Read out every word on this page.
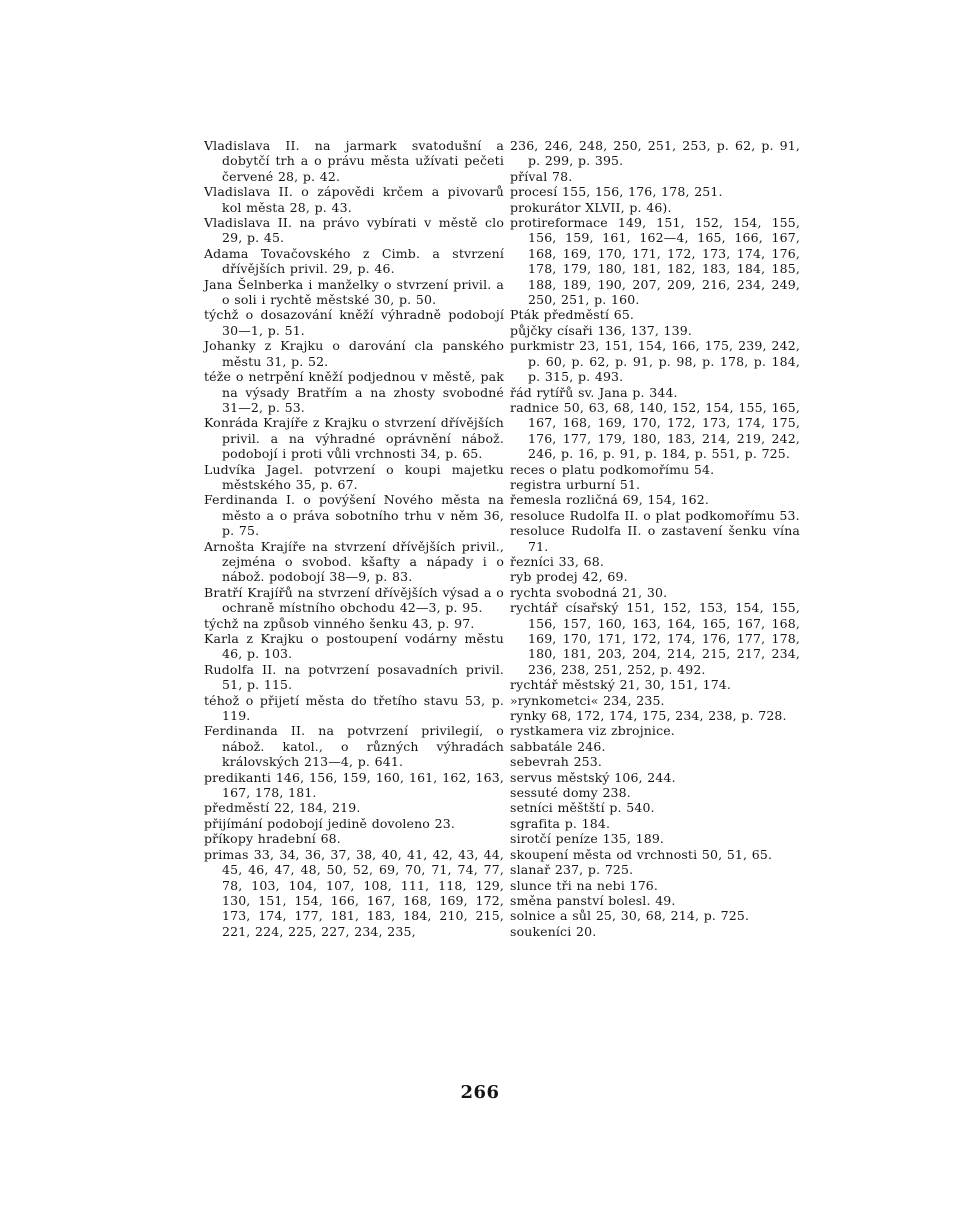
Vladislava II. na jarmark svatodušní a dobytčí trh a o právu města užívati pečeti červené 28, p. 42.

Vladislava II. o zápovědi krčem a pivovarů kol města 28, p. 43.

Vladislava II. na právo vybírati v městě clo 29, p. 45.

Adama Tovačovského z Cimb. a stvrzení dřívějších privil. 29, p. 46.

Jana Šelnberka i manželky o stvrzení privil. a o soli i rychtě městské 30, p. 50.

týchž o dosazování kněží výhradně podobojí 30—1, p. 51.

Johanky z Krajku o darování cla panského městu 31, p. 52.

téže o netrpění kněží podjednou v městě, pak na výsady Bratřím a na zhosty svobodné 31—2, p. 53.

Konráda Krajíře z Krajku o stvrzení dřívějších privil. a na výhradné oprávnění nábož. podobojí i proti vůli vrchnosti 34, p. 65.

Ludvíka Jagel. potvrzení o koupi majetku městského 35, p. 67.

Ferdinanda I. o povýšení Nového města na město a o práva sobotního trhu v něm 36, p. 75.

Arnošta Krajíře na stvrzení dřívějších privil., zejména o svobod. kšafty a nápady i o nábož. podobojí 38—9, p. 83.

Bratří Krajířů na stvrzení dřívějších výsad a o ochraně místního obchodu 42—3, p. 95.

týchž na způsob vinného šenku 43, p. 97.

Karla z Krajku o postoupení vodárny městu 46, p. 103.

Rudolfa II. na potvrzení posavadních privil. 51, p. 115.

téhož o přijetí města do třetího stavu 53, p. 119.

Ferdinanda II. na potvrzení privilegií, o nábož. katol., o různých výhradách královských 213—4, p. 641.

predikanti 146, 156, 159, 160, 161, 162, 163, 167, 178, 181.

předměstí 22, 184, 219.

přijímání podobojí jedině dovoleno 23.

příkopy hradební 68.

primas 33, 34, 36, 37, 38, 40, 41, 42, 43, 44, 45, 46, 47, 48, 50, 52, 69, 70, 71, 74, 77, 78, 103, 104, 107, 108, 111, 118, 129, 130, 151, 154, 166, 167, 168, 169, 172, 173, 174, 177, 181, 183, 184, 210, 215, 221, 224, 225, 227, 234, 235,

236, 246, 248, 250, 251, 253, p. 62, p. 91, p. 299, p. 395.

příval 78.

procesí 155, 156, 176, 178, 251.

prokurátor XLVII, p. 46).

protireformace 149, 151, 152, 154, 155, 156, 159, 161, 162—4, 165, 166, 167, 168, 169, 170, 171, 172, 173, 174, 176, 178, 179, 180, 181, 182, 183, 184, 185, 188, 189, 190, 207, 209, 216, 234, 249, 250, 251, p. 160.

Pták předměstí 65.

půjčky císaři 136, 137, 139.

purkmistr 23, 151, 154, 166, 175, 239, 242, p. 60, p. 62, p. 91, p. 98, p. 178, p. 184, p. 315, p. 493.

řád rytířů sv. Jana p. 344.

radnice 50, 63, 68, 140, 152, 154, 155, 165, 167, 168, 169, 170, 172, 173, 174, 175, 176, 177, 179, 180, 183, 214, 219, 242, 246, p. 16, p. 91, p. 184, p. 551, p. 725.

reces o platu podkomořímu 54.

registra urburní 51.

řemesla rozličná 69, 154, 162.

resoluce Rudolfa II. o plat podkomořímu 53.

resoluce Rudolfa II. o zastavení šenku vína 71.

řezníci 33, 68.

ryb prodej 42, 69.

rychta svobodná 21, 30.

rychtář císařský 151, 152, 153, 154, 155, 156, 157, 160, 163, 164, 165, 167, 168, 169, 170, 171, 172, 174, 176, 177, 178, 180, 181, 203, 204, 214, 215, 217, 234, 236, 238, 251, 252, p. 492.

rychtář městský 21, 30, 151, 174.

»rynkometci« 234, 235.

rynky 68, 172, 174, 175, 234, 238, p. 728.

rystkamera viz zbrojnice.

sabbatále 246.

sebevrah 253.

servus městský 106, 244.

sessuté domy 238.

setníci měštští p. 540.

sgrafita p. 184.

sirotčí peníze 135, 189.

skoupení města od vrchnosti 50, 51, 65.

slanař 237, p. 725.

slunce tři na nebi 176.

směna panství bolesl. 49.

solnice a sůl 25, 30, 68, 214, p. 725.

soukeníci 20.

266
